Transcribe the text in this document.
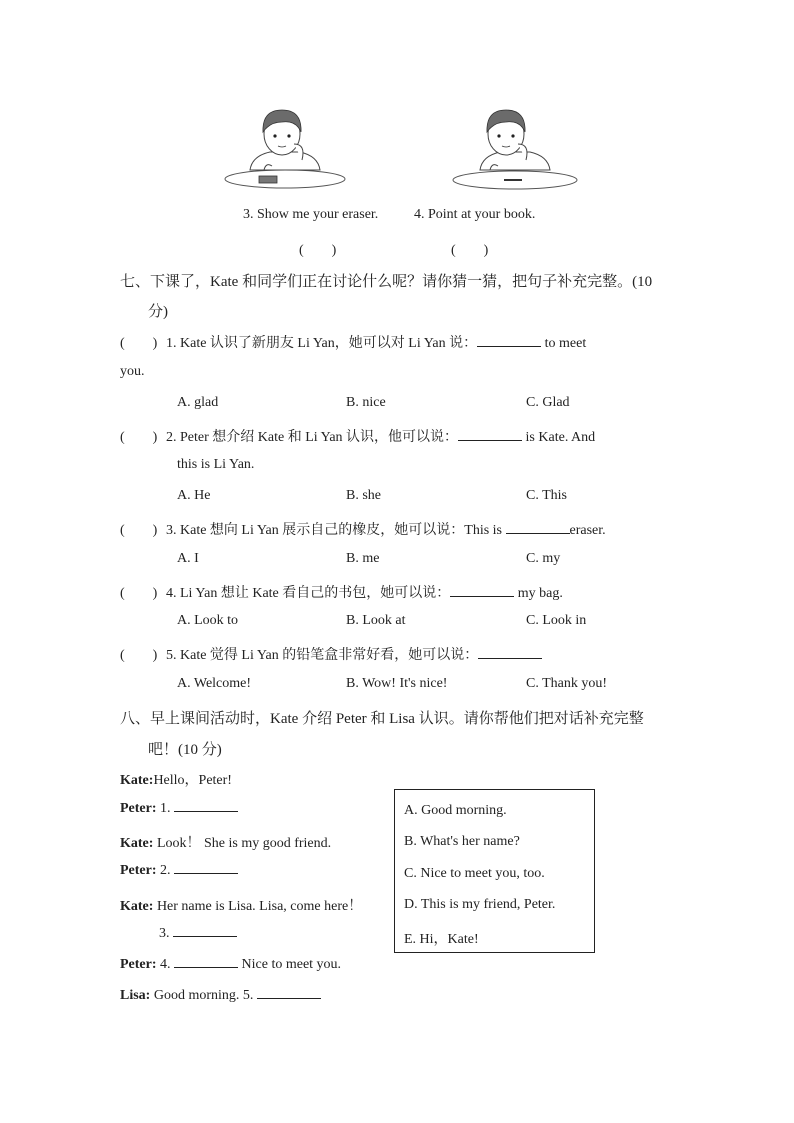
3. Show me your eraser.	4. Point at your book.
(　　)	(　　)
七、下课了，Kate 和同学们正在讨论什么呢？请你猜一猜，把句子补充完整。(10
分)
(　　) 1. Kate 认识了新朋友 Li Yan，她可以对 Li Yan 说：	to meet
you.
A. glad	B. nice	C. Glad
(　　) 2. Peter 想介绍 Kate 和 Li Yan 认识，他可以说：	is Kate. And
this is Li Yan.
A. He	B. she	C. This
(　　) 3. Kate 想向 Li Yan 展示自己的橡皮，她可以说：This is	eraser.
A. I	B. me	C. my
(　　) 4. Li Yan 想让 Kate 看自己的书包，她可以说：	my bag.
A. Look to	B. Look at	C. Look in
(　　) 5. Kate 觉得 Li Yan 的铅笔盒非常好看，她可以说：
A. Welcome!	B. Wow! It's nice!	C. Thank you!
八、早上课间活动时，Kate 介绍 Peter 和 Lisa 认识。请你帮他们把对话补充完整
吧！(10 分)
Kate:Hello，Peter!
Peter: 1.
Kate: Look！ She is my good friend.
Peter: 2.
Kate: Her name is Lisa. Lisa, come here！
3.
Peter: 4.	Nice to meet you.
Lisa: Good morning. 5.
A. Good morning.
B. What's her name?
C. Nice to meet you, too.
D. This is my friend, Peter.
E. Hi，Kate!
